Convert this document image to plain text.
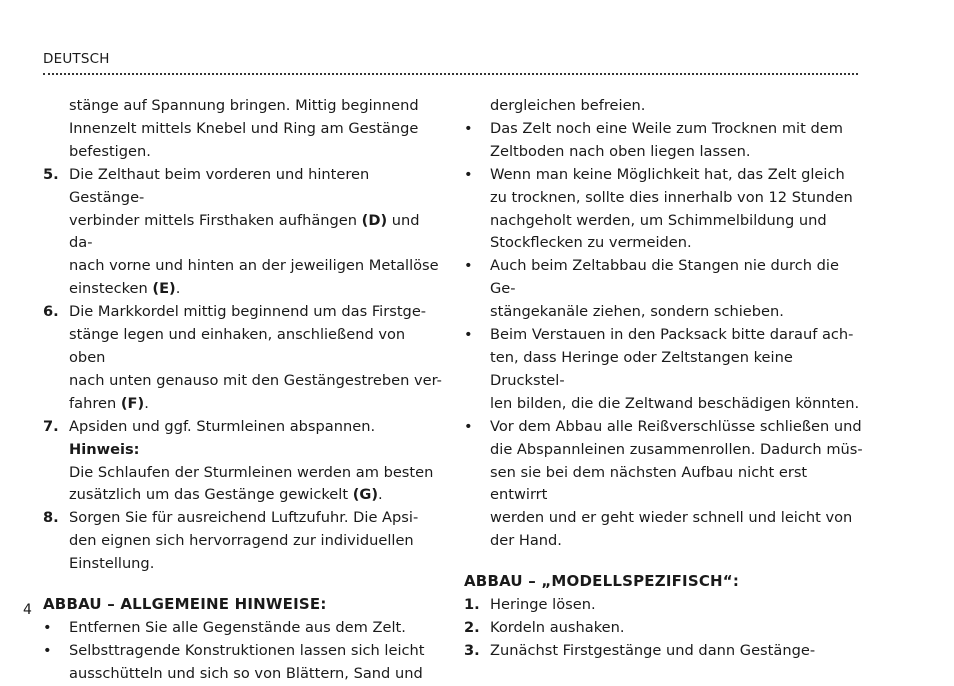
DEUTSCH
stänge auf Spannung bringen. Mittig beginnend
Innenzelt mittels Knebel und Ring am Gestänge
befestigen.
5. Die Zelthaut beim vorderen und hinteren Gestänge-
verbinder mittels Firsthaken aufhängen (D) und da-
nach vorne und hinten an der jeweiligen Metallöse
einstecken (E).
6. Die Markkordel mittig beginnend um das Firstge-
stänge legen und einhaken, anschließend von oben
nach unten genauso mit den Gestängestreben ver-
fahren (F).
7. Apsiden und ggf. Sturmleinen abspannen. Hinweis:
Die Schlaufen der Sturmleinen werden am besten
zusätzlich um das Gestänge gewickelt (G).
8. Sorgen Sie für ausreichend Luftzufuhr. Die Apsi-
den eignen sich hervorragend zur individuellen
Einstellung.
ABBAU – ALLGEMEINE HINWEISE:
• Entfernen Sie alle Gegenstände aus dem Zelt.
• Selbsttragende Konstruktionen lassen sich leicht
ausschütteln und sich so von Blättern, Sand und
dergleichen befreien.
• Das Zelt noch eine Weile zum Trocknen mit dem
Zeltboden nach oben liegen lassen.
• Wenn man keine Möglichkeit hat, das Zelt gleich
zu trocknen, sollte dies innerhalb von 12 Stunden
nachgeholt werden, um Schimmelbildung und
Stockflecken zu vermeiden.
• Auch beim Zeltabbau die Stangen nie durch die Ge-
stängekanäle ziehen, sondern schieben.
• Beim Verstauen in den Packsack bitte darauf ach-
ten, dass Heringe oder Zeltstangen keine Druckstel-
len bilden, die die Zeltwand beschädigen könnten.
• Vor dem Abbau alle Reißverschlüsse schließen und
die Abspannleinen zusammenrollen. Dadurch müs-
sen sie bei dem nächsten Aufbau nicht erst entwirrt
werden und er geht wieder schnell und leicht von
der Hand.
ABBAU – „MODELLSPEZIFISCH“:
1. Heringe lösen.
2. Kordeln aushaken.
3. Zunächst Firstgestänge und dann Gestänge-
4
